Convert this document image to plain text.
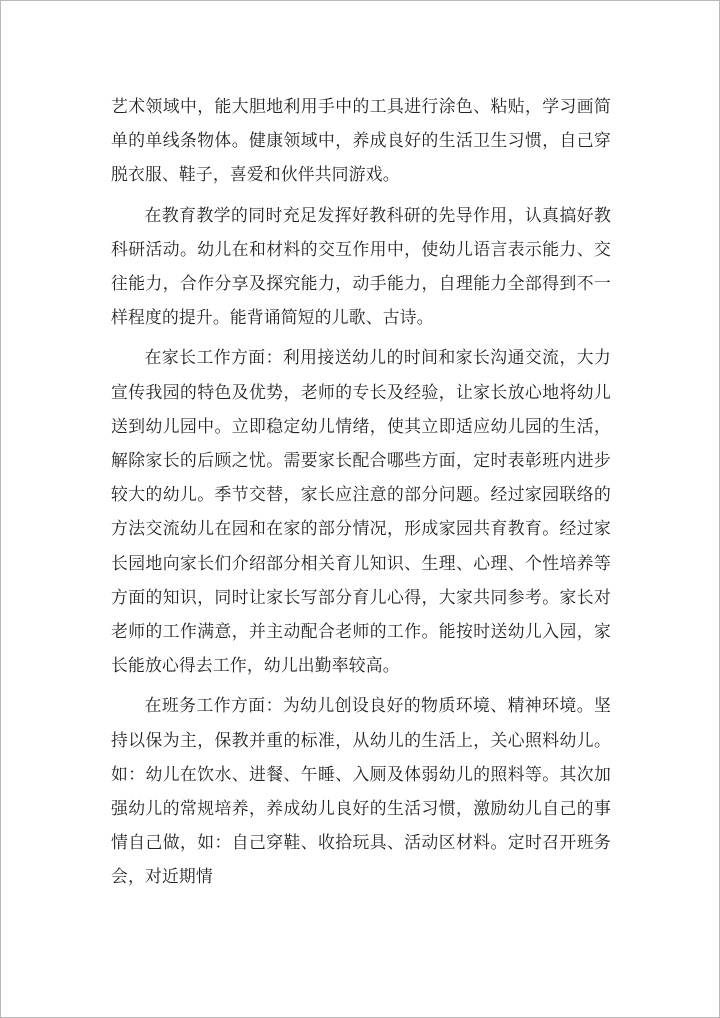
艺术领域中，能大胆地利用手中的工具进行涂色、粘贴，学习画简单的单线条物体。健康领域中，养成良好的生活卫生习惯，自己穿脱衣服、鞋子，喜爱和伙伴共同游戏。

在教育教学的同时充足发挥好教科研的先导作用，认真搞好教科研活动。幼儿在和材料的交互作用中，使幼儿语言表示能力、交往能力，合作分享及探究能力，动手能力，自理能力全部得到不一样程度的提升。能背诵简短的儿歌、古诗。

在家长工作方面：利用接送幼儿的时间和家长沟通交流，大力宣传我园的特色及优势，老师的专长及经验，让家长放心地将幼儿送到幼儿园中。立即稳定幼儿情绪，使其立即适应幼儿园的生活，解除家长的后顾之忧。需要家长配合哪些方面，定时表彰班内进步较大的幼儿。季节交替，家长应注意的部分问题。经过家园联络的方法交流幼儿在园和在家的部分情况，形成家园共育教育。经过家长园地向家长们介绍部分相关育儿知识、生理、心理、个性培养等方面的知识，同时让家长写部分育儿心得，大家共同参考。家长对老师的工作满意，并主动配合老师的工作。能按时送幼儿入园，家长能放心得去工作，幼儿出勤率较高。

在班务工作方面：为幼儿创设良好的物质环境、精神环境。坚持以保为主，保教并重的标准，从幼儿的生活上，关心照料幼儿。如：幼儿在饮水、进餐、午睡、入厕及体弱幼儿的照料等。其次加强幼儿的常规培养，养成幼儿良好的生活习惯，激励幼儿自己的事情自己做，如：自己穿鞋、收拾玩具、活动区材料。定时召开班务会，对近期情
